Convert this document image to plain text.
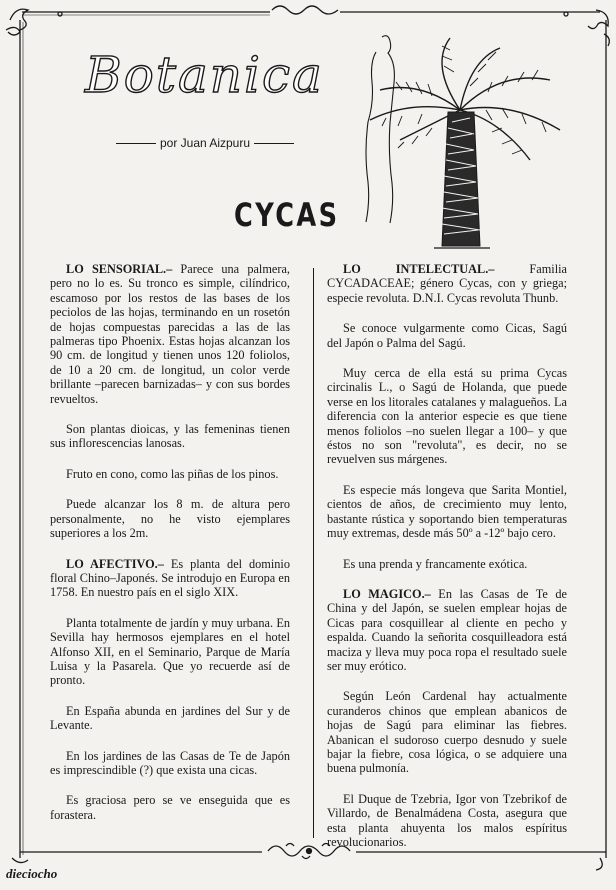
Botanica
por Juan Aizpuru
CYCAS

LO SENSORIAL.– Parece una palmera, pero no lo es. Su tronco es simple, cilíndrico, escamoso por los restos de las bases de los peciolos de las hojas, terminando en un rosetón de hojas compuestas parecidas a las de las palmeras tipo Phoenix. Estas hojas alcanzan los 90 cm. de longitud y tienen unos 120 foliolos, de 10 a 20 cm. de longitud, un color verde brillante –parecen barnizadas– y con sus bordes revueltos.

Son plantas dioicas, y las femeninas tienen sus inflorescencias lanosas.

Fruto en cono, como las piñas de los pinos.

Puede alcanzar los 8 m. de altura pero personalmente, no he visto ejemplares superiores a los 2m.

LO AFECTIVO.– Es planta del dominio floral Chino–Japonés. Se introdujo en Europa en 1758. En nuestro país en el siglo XIX.

Planta totalmente de jardín y muy urbana. En Sevilla hay hermosos ejemplares en el hotel Alfonso XII, en el Seminario, Parque de María Luisa y la Pasarela. Que yo recuerde así de pronto.

En España abunda en jardines del Sur y de Levante.

En los jardines de las Casas de Te de Japón es imprescindible (?) que exista una cicas.

Es graciosa pero se ve enseguida que es forastera.

LO INTELECTUAL.– Familia CYCADACEAE; género Cycas, con y griega; especie revoluta. D.N.I. Cycas revoluta Thunb.

Se conoce vulgarmente como Cicas, Sagú del Japón o Palma del Sagú.

Muy cerca de ella está su prima Cycas circinalis L., o Sagú de Holanda, que puede verse en los litorales catalanes y malagueños. La diferencia con la anterior especie es que tiene menos foliolos –no suelen llegar a 100– y que éstos no son "revoluta", es decir, no se revuelven sus márgenes.

Es especie más longeva que Sarita Montiel, cientos de años, de crecimiento muy lento, bastante rústica y soportando bien temperaturas muy extremas, desde más 50º a -12º bajo cero.

Es una prenda y francamente exótica.

LO MAGICO.– En las Casas de Te de China y del Japón, se suelen emplear hojas de Cicas para cosquillear al cliente en pecho y espalda. Cuando la señorita cosquilleadora está maciza y lleva muy poca ropa el resultado suele ser muy erótico.

Según León Cardenal hay actualmente curanderos chinos que emplean abanicos de hojas de Sagú para eliminar las fiebres. Abanican el sudoroso cuerpo desnudo y suele bajar la fiebre, cosa lógica, o se adquiere una buena pulmonía.

El Duque de Tzebria, Igor von Tzebrikof de Villardo, de Benalmádena Costa, asegura que esta planta ahuyenta los malos espíritus revolucionarios.

dieciocho
